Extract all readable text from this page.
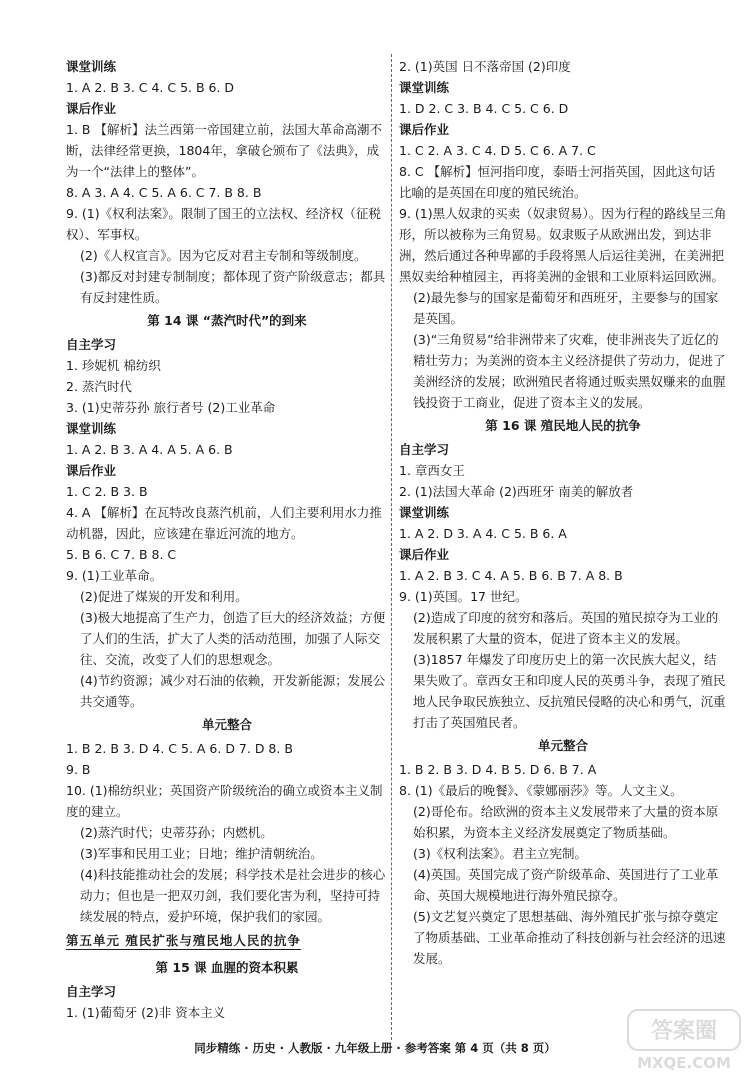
课堂训练
1. A 2. B 3. C 4. C 5. B 6. D
课后作业
1. B 【解析】法兰西第一帝国建立前，法国大革命高潮不断，法律经常更换，1804年，拿破仑颁布了《法典》，成为一个“法律上的整体”。
8. A 3. A 4. C 5. A 6. C 7. B 8. B
9. (1)《权利法案》。限制了国王的立法权、经济权（征税权）、军事权。
(2)《人权宣言》。因为它反对君主专制和等级制度。
(3)都反对封建专制制度；都体现了资产阶级意志；都具有反封建性质。
第 14 课 “蒸汽时代”的到来
自主学习
1. 珍妮机 棉纺织
2. 蒸汽时代
3. (1)史蒂芬孙 旅行者号 (2)工业革命
课堂训练
1. A 2. B 3. A 4. A 5. A 6. B
课后作业
1. C 2. B 3. B
4. A 【解析】在瓦特改良蒸汽机前，人们主要利用水力推动机器，因此，应该建在靠近河流的地方。
5. B 6. C 7. B 8. C
9. (1)工业革命。
(2)促进了煤炭的开发和利用。
(3)极大地提高了生产力，创造了巨大的经济效益；方便了人们的生活，扩大了人类的活动范围，加强了人际交往、交流，改变了人们的思想观念。
(4)节约资源；减少对石油的依赖，开发新能源；发展公共交通等。
单元整合
1. B 2. B 3. D 4. C 5. A 6. D 7. D 8. B
9. B
10. (1)棉纺织业；英国资产阶级统治的确立或资本主义制度的建立。
(2)蒸汽时代；史蒂芬孙；内燃机。
(3)军事和民用工业；日地；维护清朝统治。
(4)科技能推动社会的发展；科学技术是社会进步的核心动力；但也是一把双刃剑，我们要化害为利，坚持可持续发展的特点，爱护环境，保护我们的家园。
第五单元 殖民扩张与殖民地人民的抗争
第 15 课 血腥的资本积累
自主学习
1. (1)葡萄牙 (2)非 资本主义
2. (1)英国 日不落帝国 (2)印度
课堂训练
1. D 2. C 3. B 4. C 5. C 6. D
课后作业
1. C 2. A 3. C 4. D 5. C 6. A 7. C
8. C 【解析】恒河指印度，泰晤士河指英国，因此这句话比喻的是英国在印度的殖民统治。
9. (1)黑人奴隶的买卖（奴隶贸易）。因为行程的路线呈三角形，所以被称为三角贸易。奴隶贩子从欧洲出发，到达非洲，然后通过各种卑鄙的手段将黑人后运往美洲，在美洲把黑奴卖给种植园主，再将美洲的金银和工业原料运回欧洲。
(2)最先参与的国家是葡萄牙和西班牙，主要参与的国家是英国。
(3)“三角贸易”给非洲带来了灾难，使非洲丧失了近亿的精壮劳力；为美洲的资本主义经济提供了劳动力，促进了美洲经济的发展；欧洲殖民者将通过贩卖黑奴赚来的血腥钱投资于工商业，促进了资本主义的发展。
第 16 课 殖民地人民的抗争
自主学习
1. 章西女王
2. (1)法国大革命 (2)西班牙 南美的解放者
课堂训练
1. A 2. D 3. A 4. C 5. B 6. A
课后作业
1. A 2. B 3. C 4. A 5. B 6. B 7. A 8. B
9. (1)英国。17 世纪。
(2)造成了印度的贫穷和落后。英国的殖民掠夺为工业的发展积累了大量的资本，促进了资本主义的发展。
(3)1857 年爆发了印度历史上的第一次民族大起义，结果失败了。章西女王和印度人民的英勇斗争，表现了殖民地人民争取民族独立、反抗殖民侵略的决心和勇气，沉重打击了英国殖民者。
单元整合
1. B 2. B 3. D 4. B 5. D 6. B 7. A
8. (1)《最后的晚餐》、《蒙娜丽莎》等。人文主义。
(2)哥伦布。给欧洲的资本主义发展带来了大量的资本原始积累，为资本主义经济发展奠定了物质基础。
(3)《权利法案》。君主立宪制。
(4)英国。英国完成了资产阶级革命、英国进行了工业革命、英国大规模地进行海外殖民掠夺。
(5)文艺复兴奠定了思想基础、海外殖民扩张与掠夺奠定了物质基础、工业革命推动了科技创新与社会经济的迅速发展。
同步精练 · 历史 · 人教版 · 九年级上册 · 参考答案 第 4 页（共 8 页）
答案圈
MXQE.COM
